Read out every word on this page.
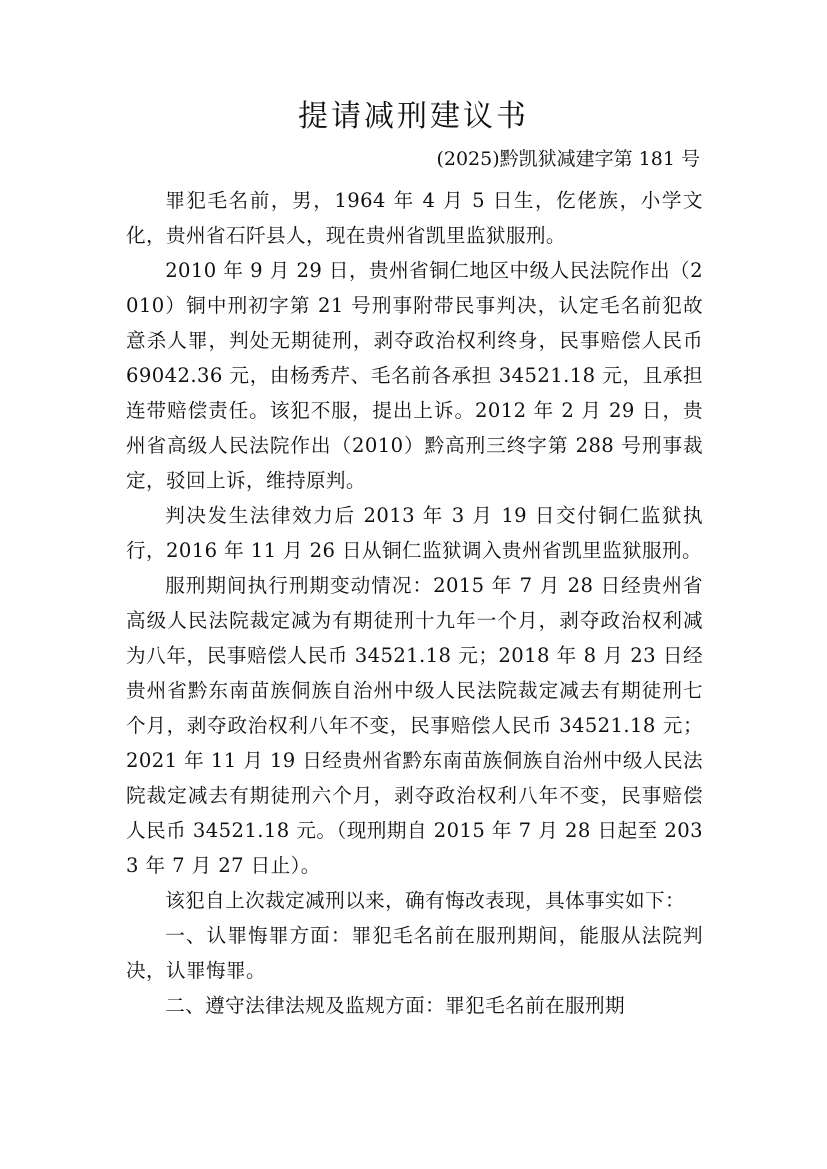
提请减刑建议书
(2025)黔凯狱减建字第 181 号

罪犯毛名前，男，1964 年 4 月 5 日生，仡佬族，小学文化，贵州省石阡县人，现在贵州省凯里监狱服刑。

2010 年 9 月 29 日，贵州省铜仁地区中级人民法院作出（2010）铜中刑初字第 21 号刑事附带民事判决，认定毛名前犯故意杀人罪，判处无期徒刑，剥夺政治权利终身，民事赔偿人民币 69042.36 元，由杨秀芹、毛名前各承担 34521.18 元，且承担连带赔偿责任。该犯不服，提出上诉。2012 年 2 月 29 日，贵州省高级人民法院作出（2010）黔高刑三终字第 288 号刑事裁定，驳回上诉，维持原判。

判决发生法律效力后 2013 年 3 月 19 日交付铜仁监狱执行，2016 年 11 月 26 日从铜仁监狱调入贵州省凯里监狱服刑。

服刑期间执行刑期变动情况：2015 年 7 月 28 日经贵州省高级人民法院裁定减为有期徒刑十九年一个月，剥夺政治权利减为八年，民事赔偿人民币 34521.18 元；2018 年 8 月 23 日经贵州省黔东南苗族侗族自治州中级人民法院裁定减去有期徒刑七个月，剥夺政治权利八年不变，民事赔偿人民币 34521.18 元；2021 年 11 月 19 日经贵州省黔东南苗族侗族自治州中级人民法院裁定减去有期徒刑六个月，剥夺政治权利八年不变，民事赔偿人民币 34521.18 元。（现刑期自 2015 年 7 月 28 日起至 2033 年 7 月 27 日止）。

该犯自上次裁定减刑以来，确有悔改表现，具体事实如下：

一、认罪悔罪方面：罪犯毛名前在服刑期间，能服从法院判决，认罪悔罪。

二、遵守法律法规及监规方面：罪犯毛名前在服刑期
